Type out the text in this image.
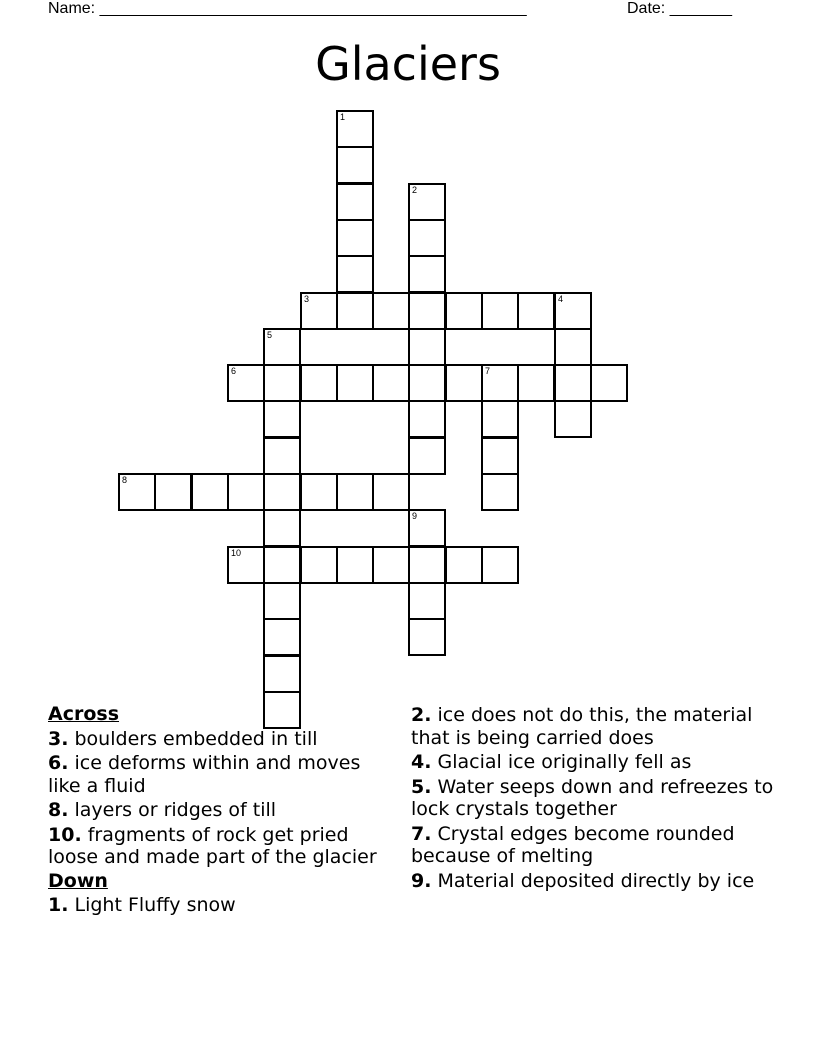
Name: ________________________________________________	Date: _______
Glaciers
1
2
3	4
5
6	7
8
9
10
Across
3. boulders embedded in till
6. ice deforms within and moves like a fluid
8. layers or ridges of till
10. fragments of rock get pried loose and made part of the glacier
Down
1. Light Fluffy snow
2. ice does not do this, the material that is being carried does
4. Glacial ice originally fell as
5. Water seeps down and refreezes to lock crystals together
7. Crystal edges become rounded because of melting
9. Material deposited directly by ice
